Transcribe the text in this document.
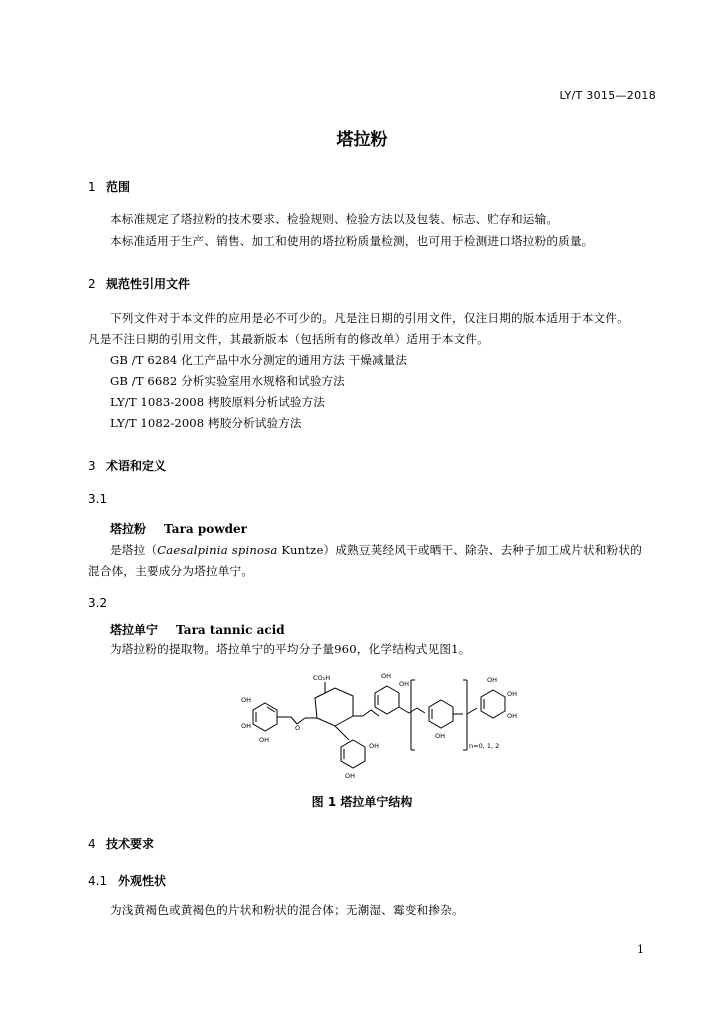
LY/T 3015—2018
塔拉粉
1 范围
本标准规定了塔拉粉的技术要求、检验规则、检验方法以及包装、标志、贮存和运输。
本标准适用于生产、销售、加工和使用的塔拉粉质量检测，也可用于检测进口塔拉粉的质量。
2 规范性引用文件
下列文件对于本文件的应用是必不可少的。凡是注日期的引用文件，仅注日期的版本适用于本文件。
凡是不注日期的引用文件，其最新版本（包括所有的修改单）适用于本文件。
GB /T 6284 化工产品中水分测定的通用方法 干燥减量法
GB /T 6682 分析实验室用水规格和试验方法
LY/T 1083-2008 栲胶原料分析试验方法
LY/T 1082-2008 栲胶分析试验方法
3 术语和定义
3.1
塔拉粉 Tara powder
是塔拉（Caesalpinia spinosa Kuntze）成熟豆荚经风干或晒干、除杂、去种子加工成片状和粉状的
混合体，主要成分为塔拉单宁。
3.2
塔拉单宁 Tara tannic acid
为塔拉粉的提取物。塔拉单宁的平均分子量960，化学结构式见图1。
CO₂H
OH
OH
OH
O
OH
OH
OH
OH
OH
OH
OH
OH
n=0, 1, 2
图 1 塔拉单宁结构
4 技术要求
4.1 外观性状
为浅黄褐色或黄褐色的片状和粉状的混合体；无潮湿、霉变和掺杂。
1
